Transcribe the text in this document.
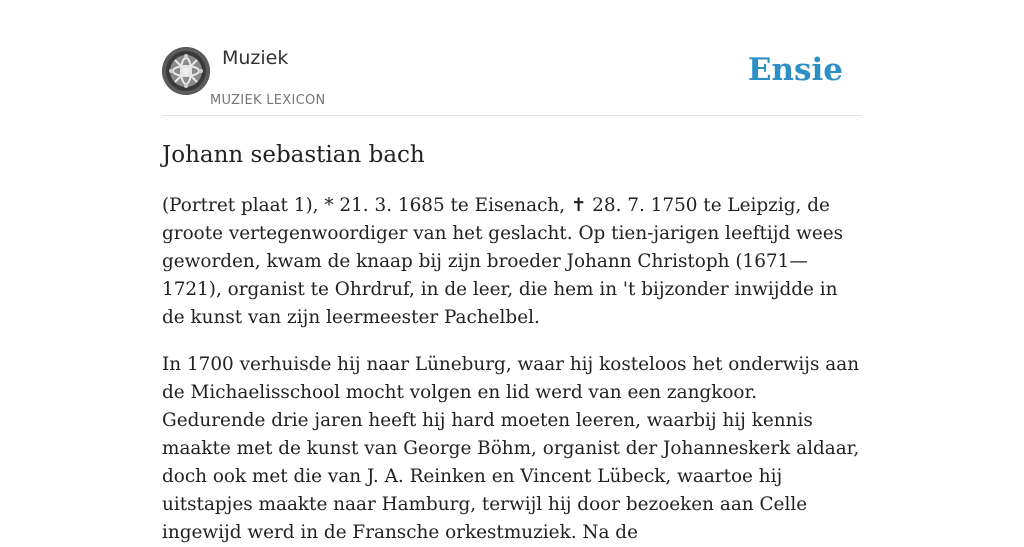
Muziek
MUZIEK LEXICON
Ensie
Johann sebastian bach

(Portret plaat 1), * 21. 3. 1685 te Eisenach, ✝ 28. 7. 1750 te Leipzig, de groote vertegenwoordiger van het geslacht. Op tien-jarigen leeftijd wees geworden, kwam de knaap bij zijn broeder Johann Christoph (1671— 1721), organist te Ohrdruf, in de leer, die hem in 't bijzonder inwijdde in de kunst van zijn leermeester Pachelbel.

In 1700 verhuisde hij naar Lüneburg, waar hij kosteloos het onderwijs aan de Michaelisschool mocht volgen en lid werd van een zangkoor. Gedurende drie jaren heeft hij hard moeten leeren, waarbij hij kennis maakte met de kunst van George Böhm, organist der Johanneskerk aldaar, doch ook met die van J. A. Reinken en Vincent Lübeck, waartoe hij uitstapjes maakte naar Hamburg, terwijl hij door bezoeken aan Celle ingewijd werd in de Fransche orkestmuziek. Na de
